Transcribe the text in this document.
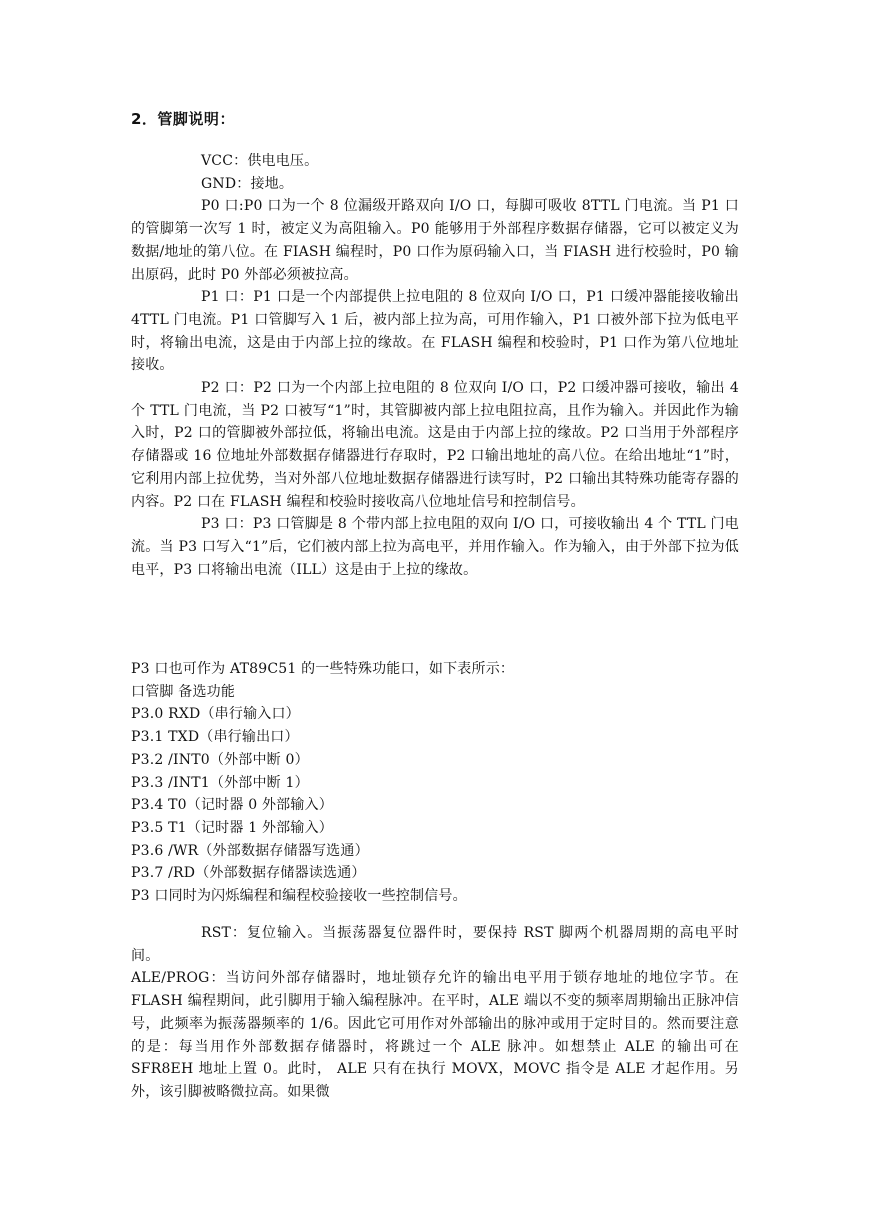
2．管脚说明：

VCC：供电电压。

GND：接地。

P0 口:P0 口为一个 8 位漏级开路双向 I/O 口，每脚可吸收 8TTL 门电流。当 P1 口的管脚第一次写 1 时，被定义为高阻输入。P0 能够用于外部程序数据存储器，它可以被定义为数据/地址的第八位。在 FIASH 编程时，P0 口作为原码输入口，当 FIASH 进行校验时，P0 输出原码，此时 P0 外部必须被拉高。

P1 口：P1 口是一个内部提供上拉电阻的 8 位双向 I/O 口，P1 口缓冲器能接收输出 4TTL 门电流。P1 口管脚写入 1 后，被内部上拉为高，可用作输入，P1 口被外部下拉为低电平时，将输出电流，这是由于内部上拉的缘故。在 FLASH 编程和校验时，P1 口作为第八位地址接收。

P2 口：P2 口为一个内部上拉电阻的 8 位双向 I/O 口，P2 口缓冲器可接收，输出 4 个 TTL 门电流，当 P2 口被写“1”时，其管脚被内部上拉电阻拉高，且作为输入。并因此作为输入时，P2 口的管脚被外部拉低，将输出电流。这是由于内部上拉的缘故。P2 口当用于外部程序存储器或 16 位地址外部数据存储器进行存取时，P2 口输出地址的高八位。在给出地址“1”时，它利用内部上拉优势，当对外部八位地址数据存储器进行读写时，P2 口输出其特殊功能寄存器的内容。P2 口在 FLASH 编程和校验时接收高八位地址信号和控制信号。

P3 口：P3 口管脚是 8 个带内部上拉电阻的双向 I/O 口，可接收输出 4 个 TTL 门电流。当 P3 口写入“1”后，它们被内部上拉为高电平，并用作输入。作为输入，由于外部下拉为低电平，P3 口将输出电流（ILL）这是由于上拉的缘故。

P3 口也可作为 AT89C51 的一些特殊功能口，如下表所示：
口管脚 备选功能
P3.0 RXD（串行输入口）
P3.1 TXD（串行输出口）
P3.2 /INT0（外部中断 0）
P3.3 /INT1（外部中断 1）
P3.4 T0（记时器 0 外部输入）
P3.5 T1（记时器 1 外部输入）
P3.6 /WR（外部数据存储器写选通）
P3.7 /RD（外部数据存储器读选通）
P3 口同时为闪烁编程和编程校验接收一些控制信号。

RST：复位输入。当振荡器复位器件时，要保持 RST 脚两个机器周期的高电平时间。

ALE/PROG：当访问外部存储器时，地址锁存允许的输出电平用于锁存地址的地位字节。在 FLASH 编程期间，此引脚用于输入编程脉冲。在平时，ALE 端以不变的频率周期输出正脉冲信号，此频率为振荡器频率的 1/6。因此它可用作对外部输出的脉冲或用于定时目的。然而要注意的是：每当用作外部数据存储器时，将跳过一个 ALE 脉冲。如想禁止 ALE 的输出可在 SFR8EH 地址上置 0。此时， ALE 只有在执行 MOVX，MOVC 指令是 ALE 才起作用。另外，该引脚被略微拉高。如果微
